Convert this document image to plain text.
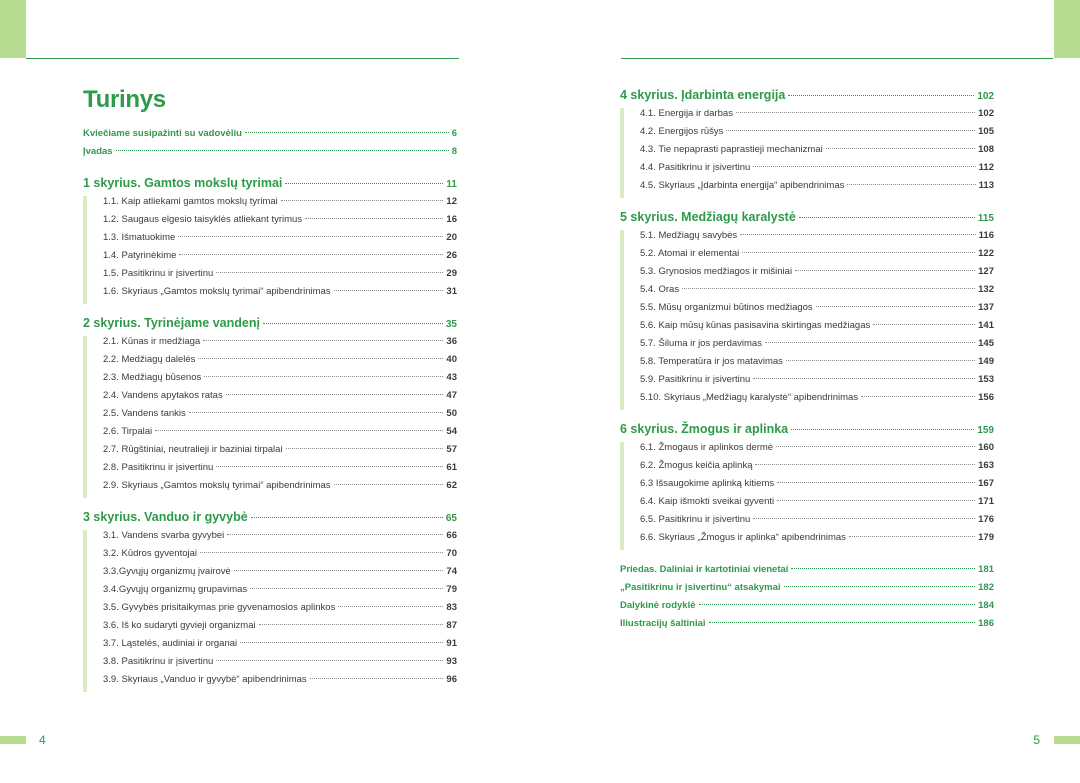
Turinys
Kviečiame susipažinti su vadovėliu	6
Įvadas	8
1 skyrius. Gamtos mokslų tyrimai	11
1.1. Kaip atliekami gamtos mokslų tyrimai	12
1.2. Saugaus elgesio taisyklės atliekant tyrimus	16
1.3. Išmatuokime	20
1.4. Patyrinėkime	26
1.5. Pasitikrinu ir įsivertinu	29
1.6. Skyriaus „Gamtos mokslų tyrimai“ apibendrinimas	31
2 skyrius. Tyrinėjame vandenį	35
2.1. Kūnas ir medžiaga	36
2.2. Medžiagų dalelės	40
2.3. Medžiagų būsenos	43
2.4. Vandens apytakos ratas	47
2.5. Vandens tankis	50
2.6. Tirpalai	54
2.7. Rūgštiniai, neutralieji ir baziniai tirpalai	57
2.8. Pasitikrinu ir įsivertinu	61
2.9. Skyriaus „Gamtos mokslų tyrimai“ apibendrinimas	62
3 skyrius. Vanduo ir gyvybė	65
3.1. Vandens svarba gyvybei	66
3.2. Kūdros gyventojai	70
3.3.Gyvųjų organizmų įvairovė	74
3.4.Gyvųjų organizmų grupavimas	79
3.5. Gyvybės prisitaikymas prie gyvenamosios aplinkos	83
3.6. Iš ko sudaryti gyvieji organizmai	87
3.7. Ląstelės, audiniai ir organai	91
3.8. Pasitikrinu ir įsivertinu	93
3.9. Skyriaus „Vanduo ir gyvybė“ apibendrinimas	96
4 skyrius. Įdarbinta energija	102
4.1. Energija ir darbas	102
4.2. Energijos rūšys	105
4.3. Tie nepaprasti paprastieji mechanizmai	108
4.4. Pasitikrinu ir įsivertinu	112
4.5. Skyriaus „Įdarbinta energija“ apibendrinimas	113
5 skyrius. Medžiagų karalystė	115
5.1. Medžiagų savybės	116
5.2. Atomai ir elementai	122
5.3. Grynosios medžiagos ir mišiniai	127
5.4. Oras	132
5.5. Mūsų organizmui būtinos medžiagos	137
5.6. Kaip mūsų kūnas pasisavina skirtingas medžiagas	141
5.7. Šiluma ir jos perdavimas	145
5.8. Temperatūra ir jos matavimas	149
5.9. Pasitikrinu ir įsivertinu	153
5.10. Skyriaus „Medžiagų karalystė“ apibendrinimas	156
6 skyrius. Žmogus ir aplinka	159
6.1. Žmogaus ir aplinkos dermė	160
6.2. Žmogus keičia aplinką	163
6.3 Išsaugokime aplinką kitiems	167
6.4. Kaip išmokti sveikai gyventi	171
6.5. Pasitikrinu ir įsivertinu	176
6.6. Skyriaus „Žmogus ir aplinka“ apibendrinimas	179
Priedas. Daliniai ir kartotiniai vienetai	181
„Pasitikrinu ir įsivertinu“ atsakymai	182
Dalykinė rodyklė	184
Iliustracijų šaltiniai	186
4	5
